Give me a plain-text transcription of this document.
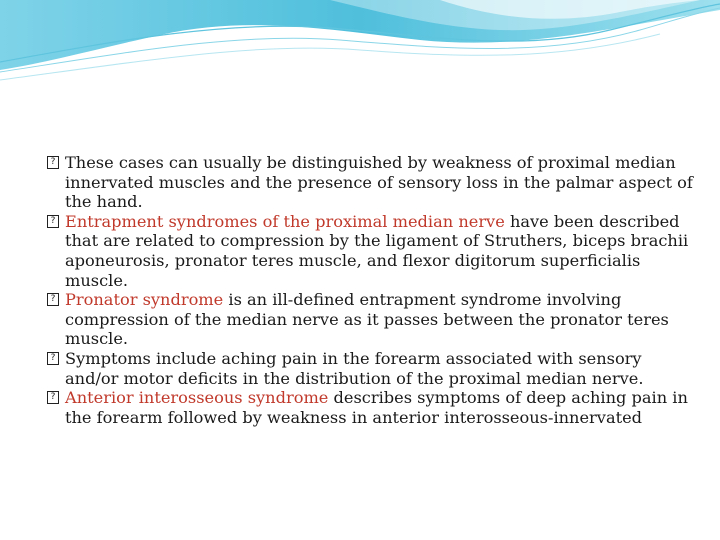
? These cases can usually be distinguished by weakness of proximal median innervated muscles and the presence of sensory loss in the palmar aspect of the hand.

? Entrapment syndromes of the proximal median nerve have been described that are related to compression by the ligament of Struthers, biceps brachii aponeurosis, pronator teres muscle, and flexor digitorum superficialis muscle.

? Pronator syndrome is an ill-defined entrapment syndrome involving compression of the median nerve as it passes between the pronator teres muscle.

? Symptoms include aching pain in the forearm associated with sensory and/or motor deficits in the distribution of the proximal median nerve.

? Anterior interosseous syndrome describes symptoms of deep aching pain in the forearm followed by weakness in anterior interosseous-innervated
